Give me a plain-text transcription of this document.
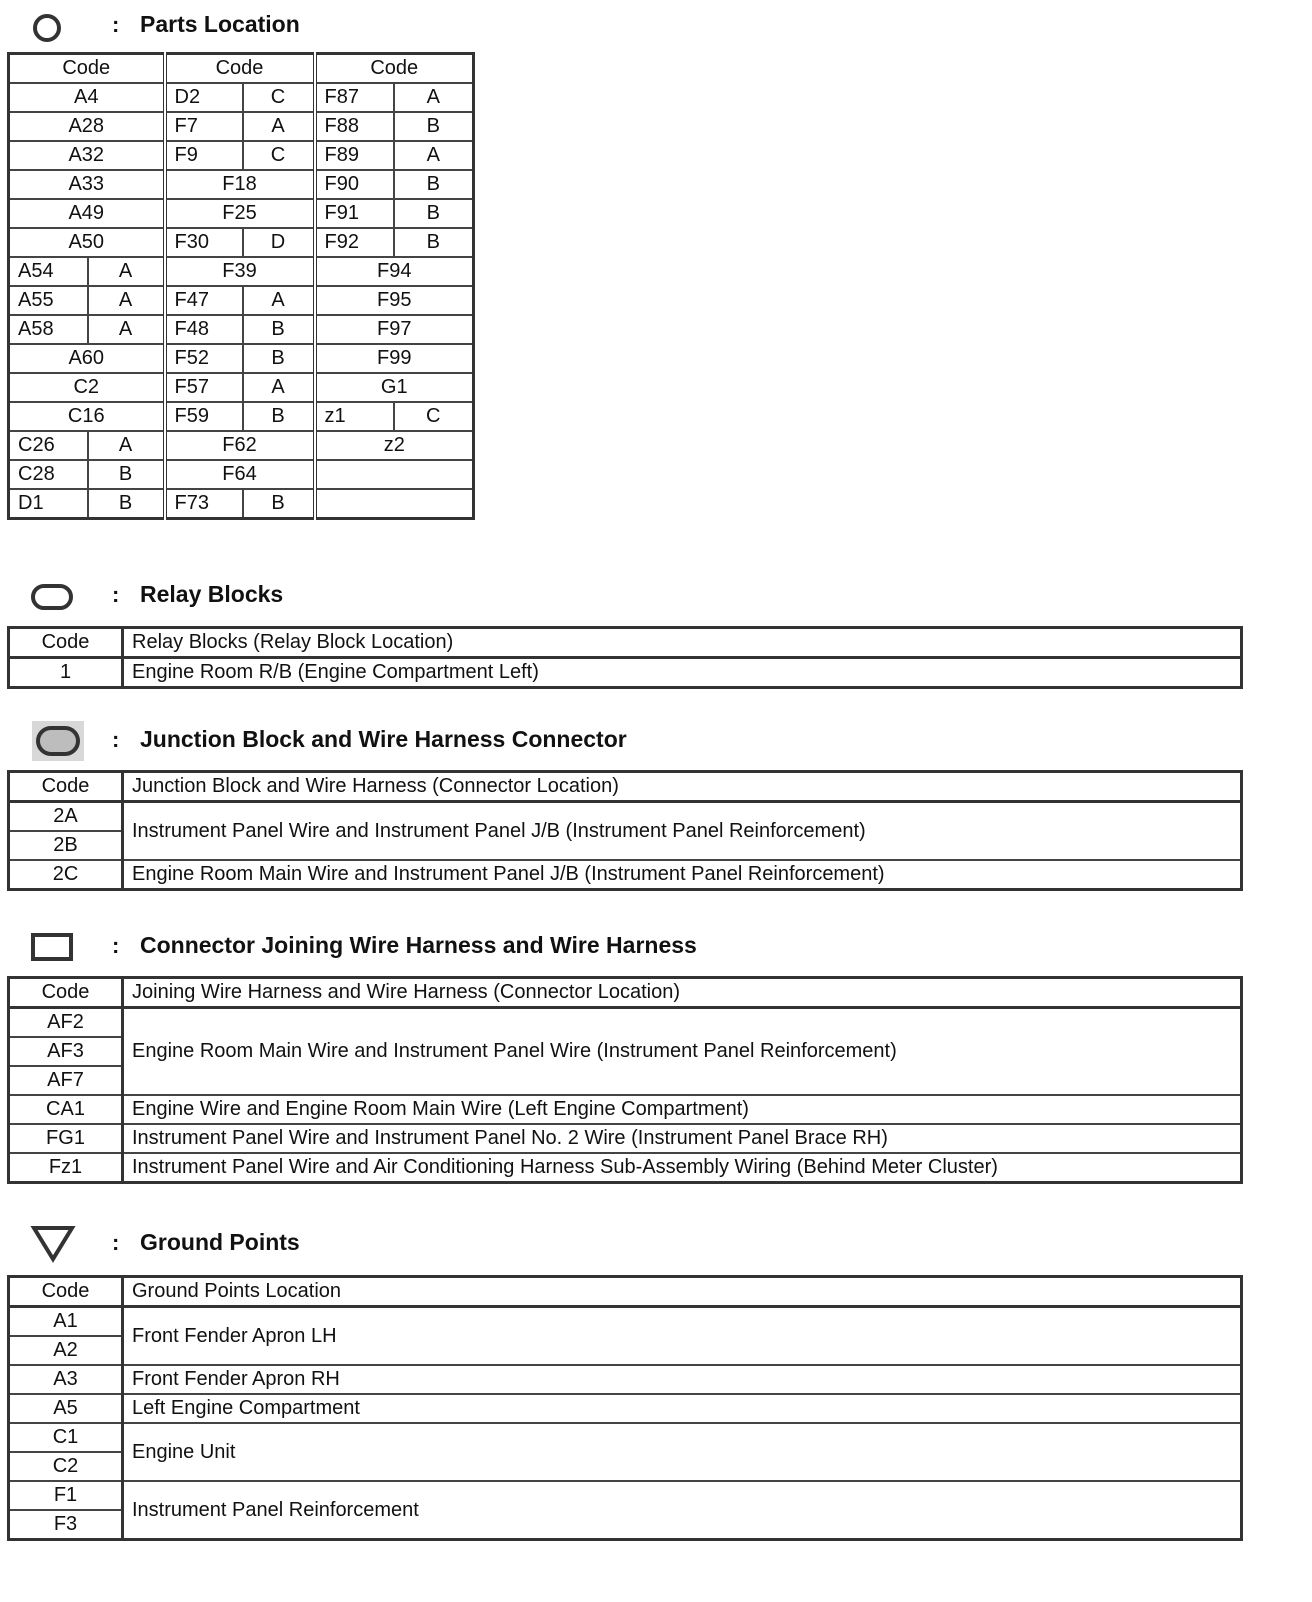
: Parts Location
Code		Code		Code	
A4		D2	C	F87	A
A28		F7	A	F88	B
A32		F9	C	F89	A
A33		F18		F90	B
A49		F25		F91	B
A50		F30	D	F92	B
A54	A	F39		F94	
A55	A	F47	A	F95	
A58	A	F48	B	F97	
A60		F52	B	F99	
C2		F57	A	G1	
C16		F59	B	z1	C
C26	A	F62		z2	
C28	B	F64			
D1	B	F73	B		
: Relay Blocks
Code	Relay Blocks (Relay Block Location)
1	Engine Room R/B (Engine Compartment Left)
: Junction Block and Wire Harness Connector
Code	Junction Block and Wire Harness (Connector Location)
2A	Instrument Panel Wire and Instrument Panel J/B (Instrument Panel Reinforcement)
2B	
2C	Engine Room Main Wire and Instrument Panel J/B (Instrument Panel Reinforcement)
: Connector Joining Wire Harness and Wire Harness
Code	Joining Wire Harness and Wire Harness (Connector Location)
AF2	Engine Room Main Wire and Instrument Panel Wire (Instrument Panel Reinforcement)
AF3	
AF7	
CA1	Engine Wire and Engine Room Main Wire (Left Engine Compartment)
FG1	Instrument Panel Wire and Instrument Panel No. 2 Wire (Instrument Panel Brace RH)
Fz1	Instrument Panel Wire and Air Conditioning Harness Sub-Assembly Wiring (Behind Meter Cluster)
: Ground Points
Code	Ground Points Location
A1	Front Fender Apron LH
A2	
A3	Front Fender Apron RH
A5	Left Engine Compartment
C1	Engine Unit
C2	
F1	Instrument Panel Reinforcement
F3	
